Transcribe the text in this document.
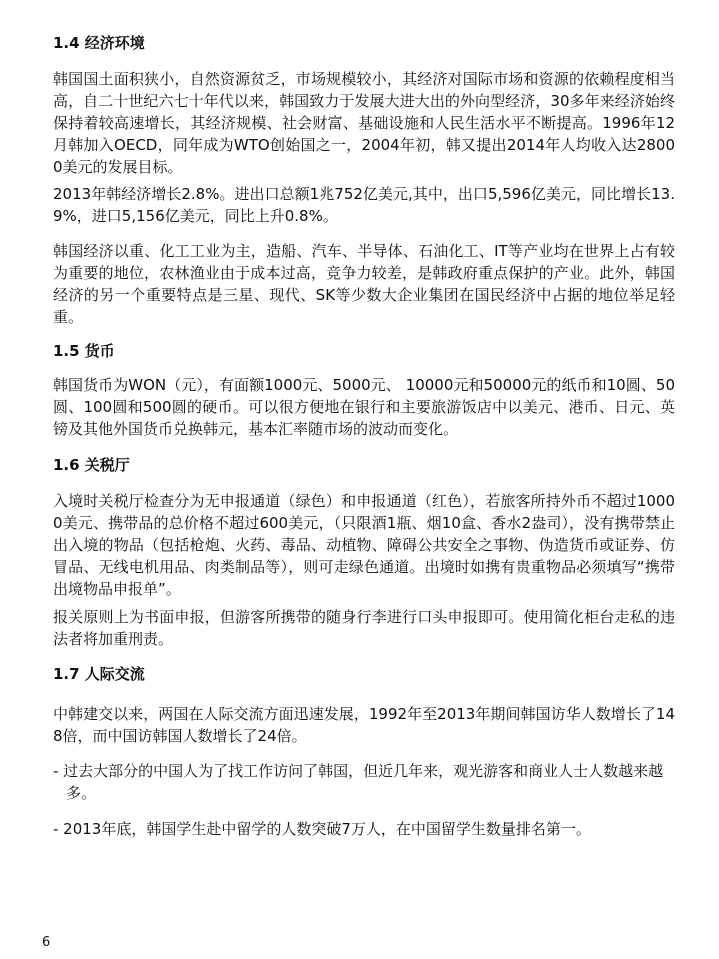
1.4 经济环境

韩国国土面积狭小，自然资源贫乏，市场规模较小，其经济对国际市场和资源的依赖程度相当高，自二十世纪六七十年代以来，韩国致力于发展大进大出的外向型经济，30多年来经济始终保持着较高速增长，其经济规模、社会财富、基础设施和人民生活水平不断提高。1996年12月韩加入OECD，同年成为WTO创始国之一，2004年初，韩又提出2014年人均收入达28000美元的发展目标。

2013年韩经济增长2.8%。进出口总额1兆752亿美元,其中，出口5,596亿美元，同比增长13.9%，进口5,156亿美元，同比上升0.8%。

韩国经济以重、化工工业为主，造船、汽车、半导体、石油化工、IT等产业均在世界上占有较为重要的地位，农林渔业由于成本过高，竞争力较差，是韩政府重点保护的产业。此外，韩国经济的另一个重要特点是三星、现代、SK等少数大企业集团在国民经济中占据的地位举足轻重。

1.5 货币

韩国货币为WON（元），有面额1000元、5000元、 10000元和50000元的纸币和10圆、50圆、100圆和500圆的硬币。可以很方便地在银行和主要旅游饭店中以美元、港币、日元、英镑及其他外国货币兑换韩元，基本汇率随市场的波动而变化。

1.6 关税厅

入境时关税厅检查分为无申报通道（绿色）和申报通道（红色），若旅客所持外币不超过10000美元、携带品的总价格不超过600美元，（只限酒1瓶、烟10盒、香水2盎司），没有携带禁止出入境的物品（包括枪炮、火药、毒品、动植物、障碍公共安全之事物、伪造货币或证券、仿冒品、无线电机用品、肉类制品等），则可走绿色通道。出境时如携有贵重物品必须填写“携带出境物品申报单”。

报关原则上为书面申报，但游客所携带的随身行李进行口头申报即可。使用简化柜台走私的违法者将加重刑责。

1.7 人际交流

中韩建交以来，两国在人际交流方面迅速发展，1992年至2013年期间韩国访华人数增长了148倍，而中国访韩国人数增长了24倍。

- 过去大部分的中国人为了找工作访问了韩国，但近几年来，观光游客和商业人士人数越来越多。

- 2013年底，韩国学生赴中留学的人数突破7万人，在中国留学生数量排名第一。

6
